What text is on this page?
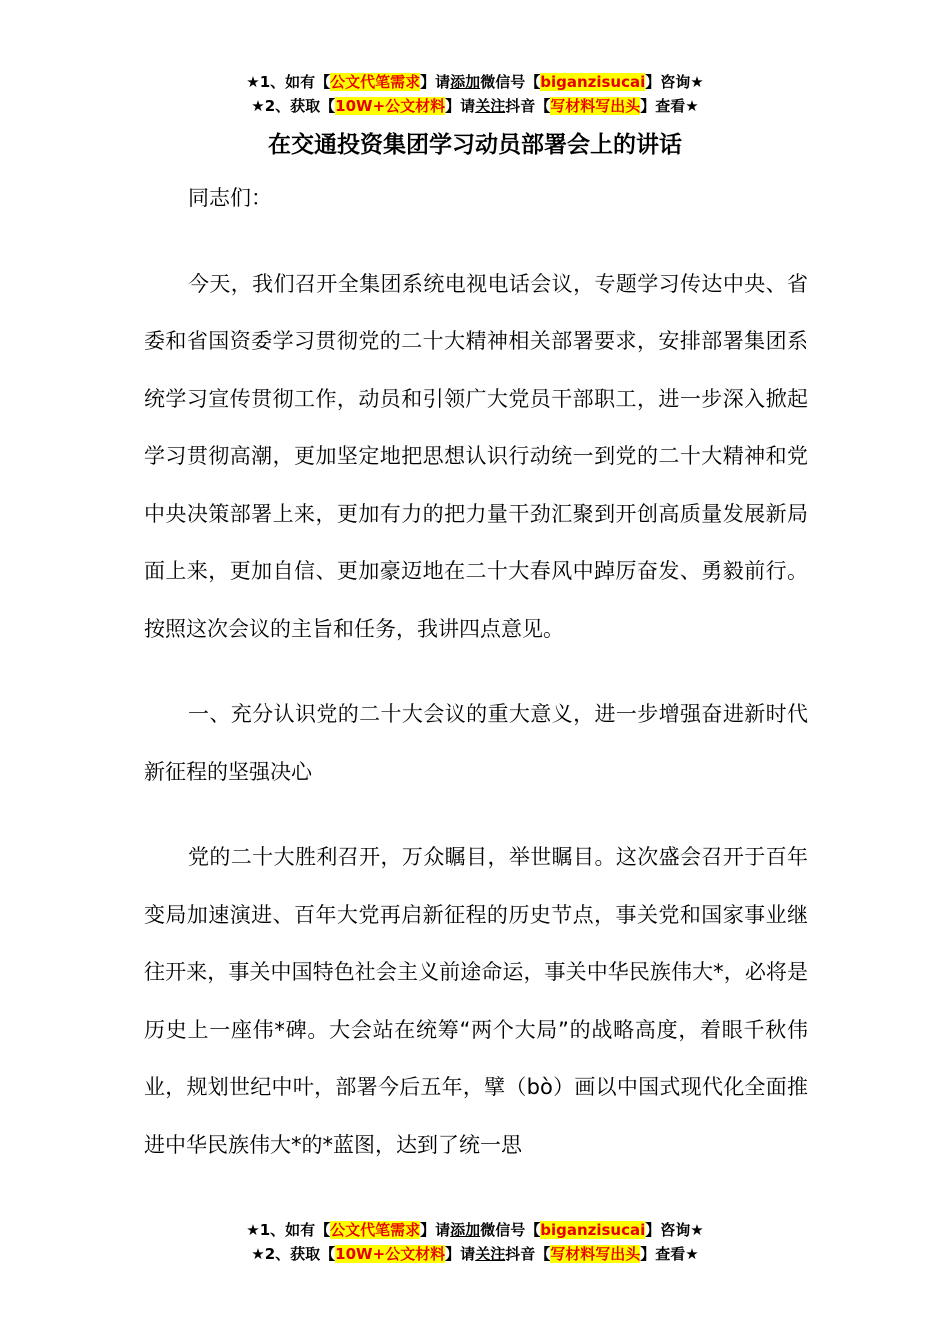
★1、如有【公文代笔需求】请添加微信号【biganzisucai】咨询★
★2、获取【10W+公文材料】请关注抖音【写材料写出头】查看★
在交通投资集团学习动员部署会上的讲话

同志们：

今天，我们召开全集团系统电视电话会议，专题学习传达中央、省委和省国资委学习贯彻党的二十大精神相关部署要求，安排部署集团系统学习宣传贯彻工作，动员和引领广大党员干部职工，进一步深入掀起学习贯彻高潮，更加坚定地把思想认识行动统一到党的二十大精神和党中央决策部署上来，更加有力的把力量干劲汇聚到开创高质量发展新局面上来，更加自信、更加豪迈地在二十大春风中踔厉奋发、勇毅前行。按照这次会议的主旨和任务，我讲四点意见。

一、充分认识党的二十大会议的重大意义，进一步增强奋进新时代新征程的坚强决心

党的二十大胜利召开，万众瞩目，举世瞩目。这次盛会召开于百年变局加速演进、百年大党再启新征程的历史节点，事关党和国家事业继往开来，事关中国特色社会主义前途命运，事关中华民族伟大*，必将是历史上一座伟*碑。大会站在统筹“两个大局”的战略高度，着眼千秋伟业，规划世纪中叶，部署今后五年，擘（bò）画以中国式现代化全面推进中华民族伟大*的*蓝图，达到了统一思

★1、如有【公文代笔需求】请添加微信号【biganzisucai】咨询★
★2、获取【10W+公文材料】请关注抖音【写材料写出头】查看★
